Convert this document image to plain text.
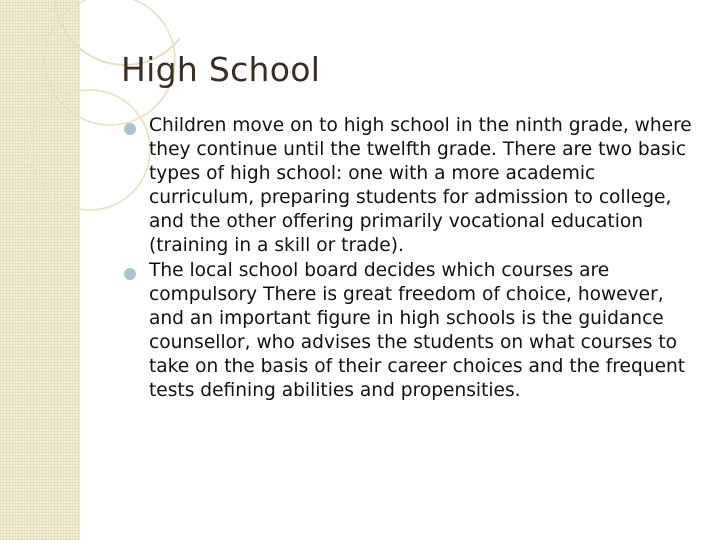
High School
Children move on to high school in the ninth grade, where they continue until the twelfth grade. There are two basic types of high school: one with a more academic curriculum, preparing students for admission to college, and the other offering primarily vocational education (training in a skill or trade).
The local school board decides which courses are compulsory There is great freedom of choice, however, and an important figure in high schools is the guidance counsellor, who advises the students on what courses to take on the basis of their career choices and the frequent tests defining abilities and propensities.
